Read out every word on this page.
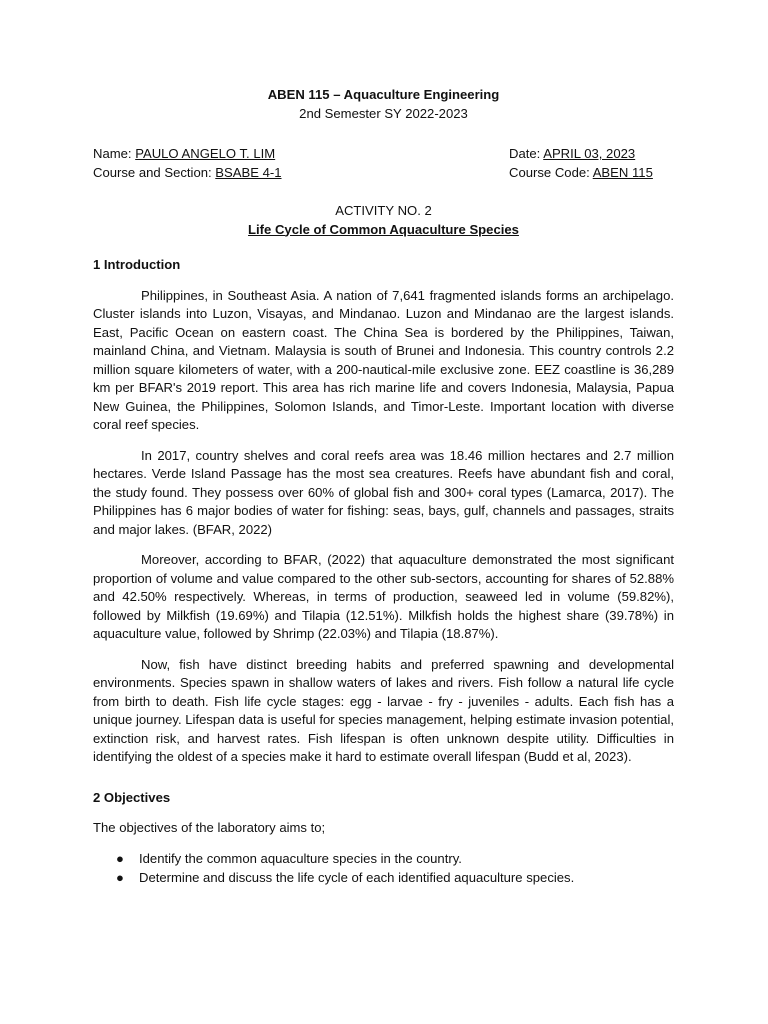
ABEN 115 – Aquaculture Engineering
2nd Semester SY 2022-2023
Name: PAULO ANGELO T. LIM
Course and Section: BSABE 4-1
Date: APRIL 03, 2023
Course Code: ABEN 115
ACTIVITY NO. 2
Life Cycle of Common Aquaculture Species
1 Introduction

Philippines, in Southeast Asia. A nation of 7,641 fragmented islands forms an archipelago. Cluster islands into Luzon, Visayas, and Mindanao. Luzon and Mindanao are the largest islands. East, Pacific Ocean on eastern coast. The China Sea is bordered by the Philippines, Taiwan, mainland China, and Vietnam. Malaysia is south of Brunei and Indonesia. This country controls 2.2 million square kilometers of water, with a 200-nautical-mile exclusive zone. EEZ coastline is 36,289 km per BFAR's 2019 report. This area has rich marine life and covers Indonesia, Malaysia, Papua New Guinea, the Philippines, Solomon Islands, and Timor-Leste. Important location with diverse coral reef species.

In 2017, country shelves and coral reefs area was 18.46 million hectares and 2.7 million hectares. Verde Island Passage has the most sea creatures. Reefs have abundant fish and coral, the study found. They possess over 60% of global fish and 300+ coral types (Lamarca, 2017). The Philippines has 6 major bodies of water for fishing: seas, bays, gulf, channels and passages, straits and major lakes. (BFAR, 2022)

Moreover, according to BFAR, (2022) that aquaculture demonstrated the most significant proportion of volume and value compared to the other sub-sectors, accounting for shares of 52.88% and 42.50% respectively. Whereas, in terms of production, seaweed led in volume (59.82%), followed by Milkfish (19.69%) and Tilapia (12.51%). Milkfish holds the highest share (39.78%) in aquaculture value, followed by Shrimp (22.03%) and Tilapia (18.87%).

Now, fish have distinct breeding habits and preferred spawning and developmental environments. Species spawn in shallow waters of lakes and rivers. Fish follow a natural life cycle from birth to death. Fish life cycle stages: egg - larvae - fry - juveniles - adults. Each fish has a unique journey. Lifespan data is useful for species management, helping estimate invasion potential, extinction risk, and harvest rates. Fish lifespan is often unknown despite utility. Difficulties in identifying the oldest of a species make it hard to estimate overall lifespan (Budd et al, 2023).

2 Objectives

The objectives of the laboratory aims to;

● Identify the common aquaculture species in the country.
● Determine and discuss the life cycle of each identified aquaculture species.
